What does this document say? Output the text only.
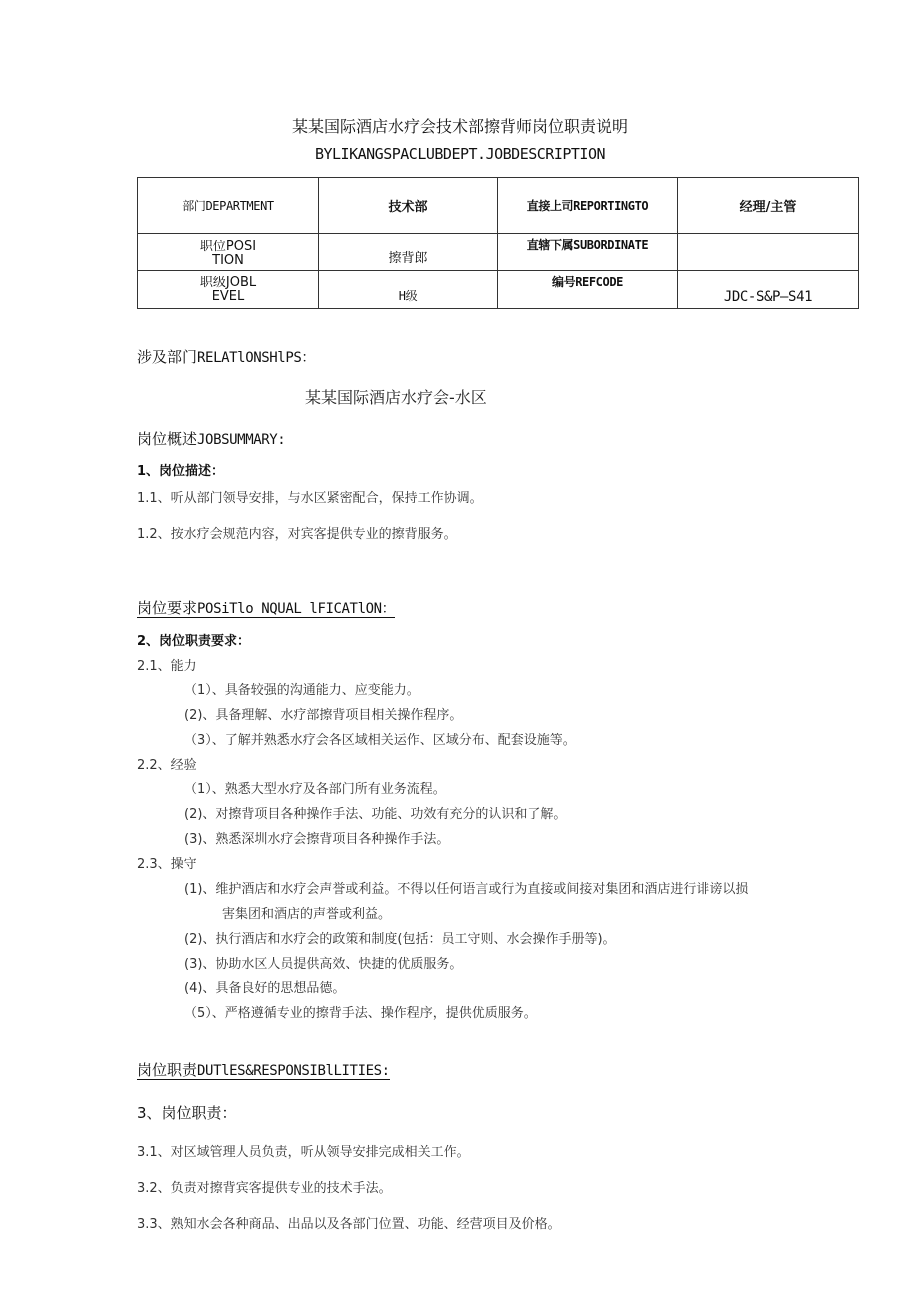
某某国际酒店水疗会技术部擦背师岗位职责说明
BYLIKANGSPACLUBDEPT.JOBDESCRIPTION
部门DEPARTMENT	技术部	直接上司REPORTINGTO	经理/主管

职位POSITION	擦背郎	直辖下属SUBORDINATE	

职级JOBLEVEL	H级	编号REFCODE	JDC-S&P—S41
涉及部门RELATlONSHlPS：
某某国际酒店水疗会-水区
岗位概述JOBSUMMARY:
1、岗位描述：
1.1、听从部门领导安排，与水区紧密配合，保持工作协调。
1.2、按水疗会规范内容，对宾客提供专业的擦背服务。
岗位要求POSiTlo NQUAL lFICATlON：
2、岗位职责要求：
2.1、能力
（1）、具备较强的沟通能力、应变能力。
(2)、具备理解、水疗部擦背项目相关操作程序。
（3）、了解并熟悉水疗会各区域相关运作、区域分布、配套设施等。
2.2、经验
（1）、熟悉大型水疗及各部门所有业务流程。
(2)、对擦背项目各种操作手法、功能、功效有充分的认识和了解。
(3)、熟悉深圳水疗会擦背项目各种操作手法。
2.3、操守
(1)、维护酒店和水疗会声誉或利益。不得以任何语言或行为直接或间接对集团和酒店进行诽谤以损
害集团和酒店的声誉或利益。
(2)、执行酒店和水疗会的政策和制度(包括：员工守则、水会操作手册等)。
(3)、协助水区人员提供高效、快捷的优质服务。
(4)、具备良好的思想品德。
（5）、严格遵循专业的擦背手法、操作程序，提供优质服务。
岗位职责DUTlES&RESPONSIBlLITIES:
3、岗位职责：
3.1、对区域管理人员负责，听从领导安排完成相关工作。
3.2、负责对擦背宾客提供专业的技术手法。
3.3、熟知水会各种商品、出品以及各部门位置、功能、经营项目及价格。
